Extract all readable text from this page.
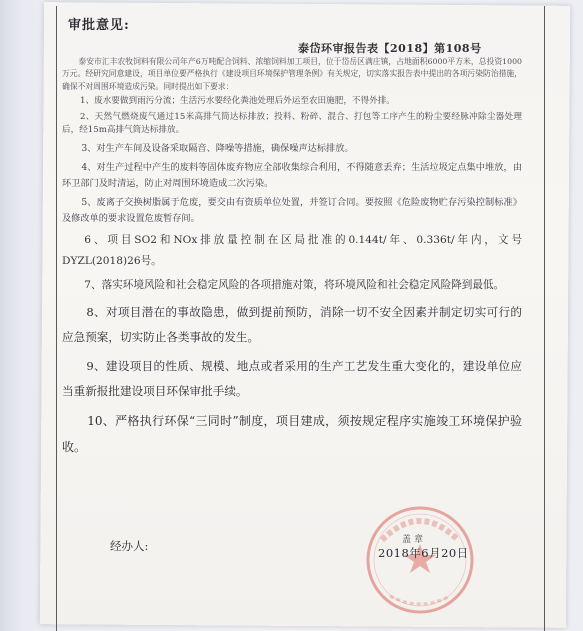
审批意见:
泰岱环审报告表【2018】第108号

泰安市汇丰农牧饲料有限公司年产6万吨配合饲料、浓缩饲料加工项目，位于岱岳区满庄镇，占地面积6000平方米，总投资1000万元。经研究同意建设，项目单位要严格执行《建设项目环境保护管理条例》有关规定，切实落实报告表中提出的各项污染防治措施，确保不对周围环境造成污染。同时提出如下要求：

1、废水要做到雨污分流；生活污水要经化粪池处理后外运至农田施肥，不得外排。

2、天然气燃烧废气通过15米高排气筒达标排放；投料、粉碎、混合、打包等工序产生的粉尘要经脉冲除尘器处理后，经15m高排气筒达标排放。

3、对生产车间及设备采取隔音、降噪等措施，确保噪声达标排放。

4、对生产过程中产生的废料等固体废弃物应全部收集综合利用，不得随意丢弃；生活垃圾定点集中堆放，由环卫部门及时清运，防止对周围环境造成二次污染。

5、废离子交换树脂属于危废，要交由有资质单位处置，并签订合同。要按照《危险废物贮存污染控制标准》及修改单的要求设置危废暂存间。

6、项目SO2和NOx排放量控制在区局批准的0.144t/年、0.336t/年内，文号DYZL(2018)26号。

7、落实环境风险和社会稳定风险的各项措施对策，将环境风险和社会稳定风险降到最低。

8、对项目潜在的事故隐患，做到提前预防，消除一切不安全因素并制定切实可行的应急预案，切实防止各类事故的发生。

9、建设项目的性质、规模、地点或者采用的生产工艺发生重大变化的，建设单位应当重新报批建设项目环保审批手续。

10、严格执行环保“三同时”制度，项目建成，须按规定程序实施竣工环境保护验收。

经办人:	盖章
2018年6月20日
